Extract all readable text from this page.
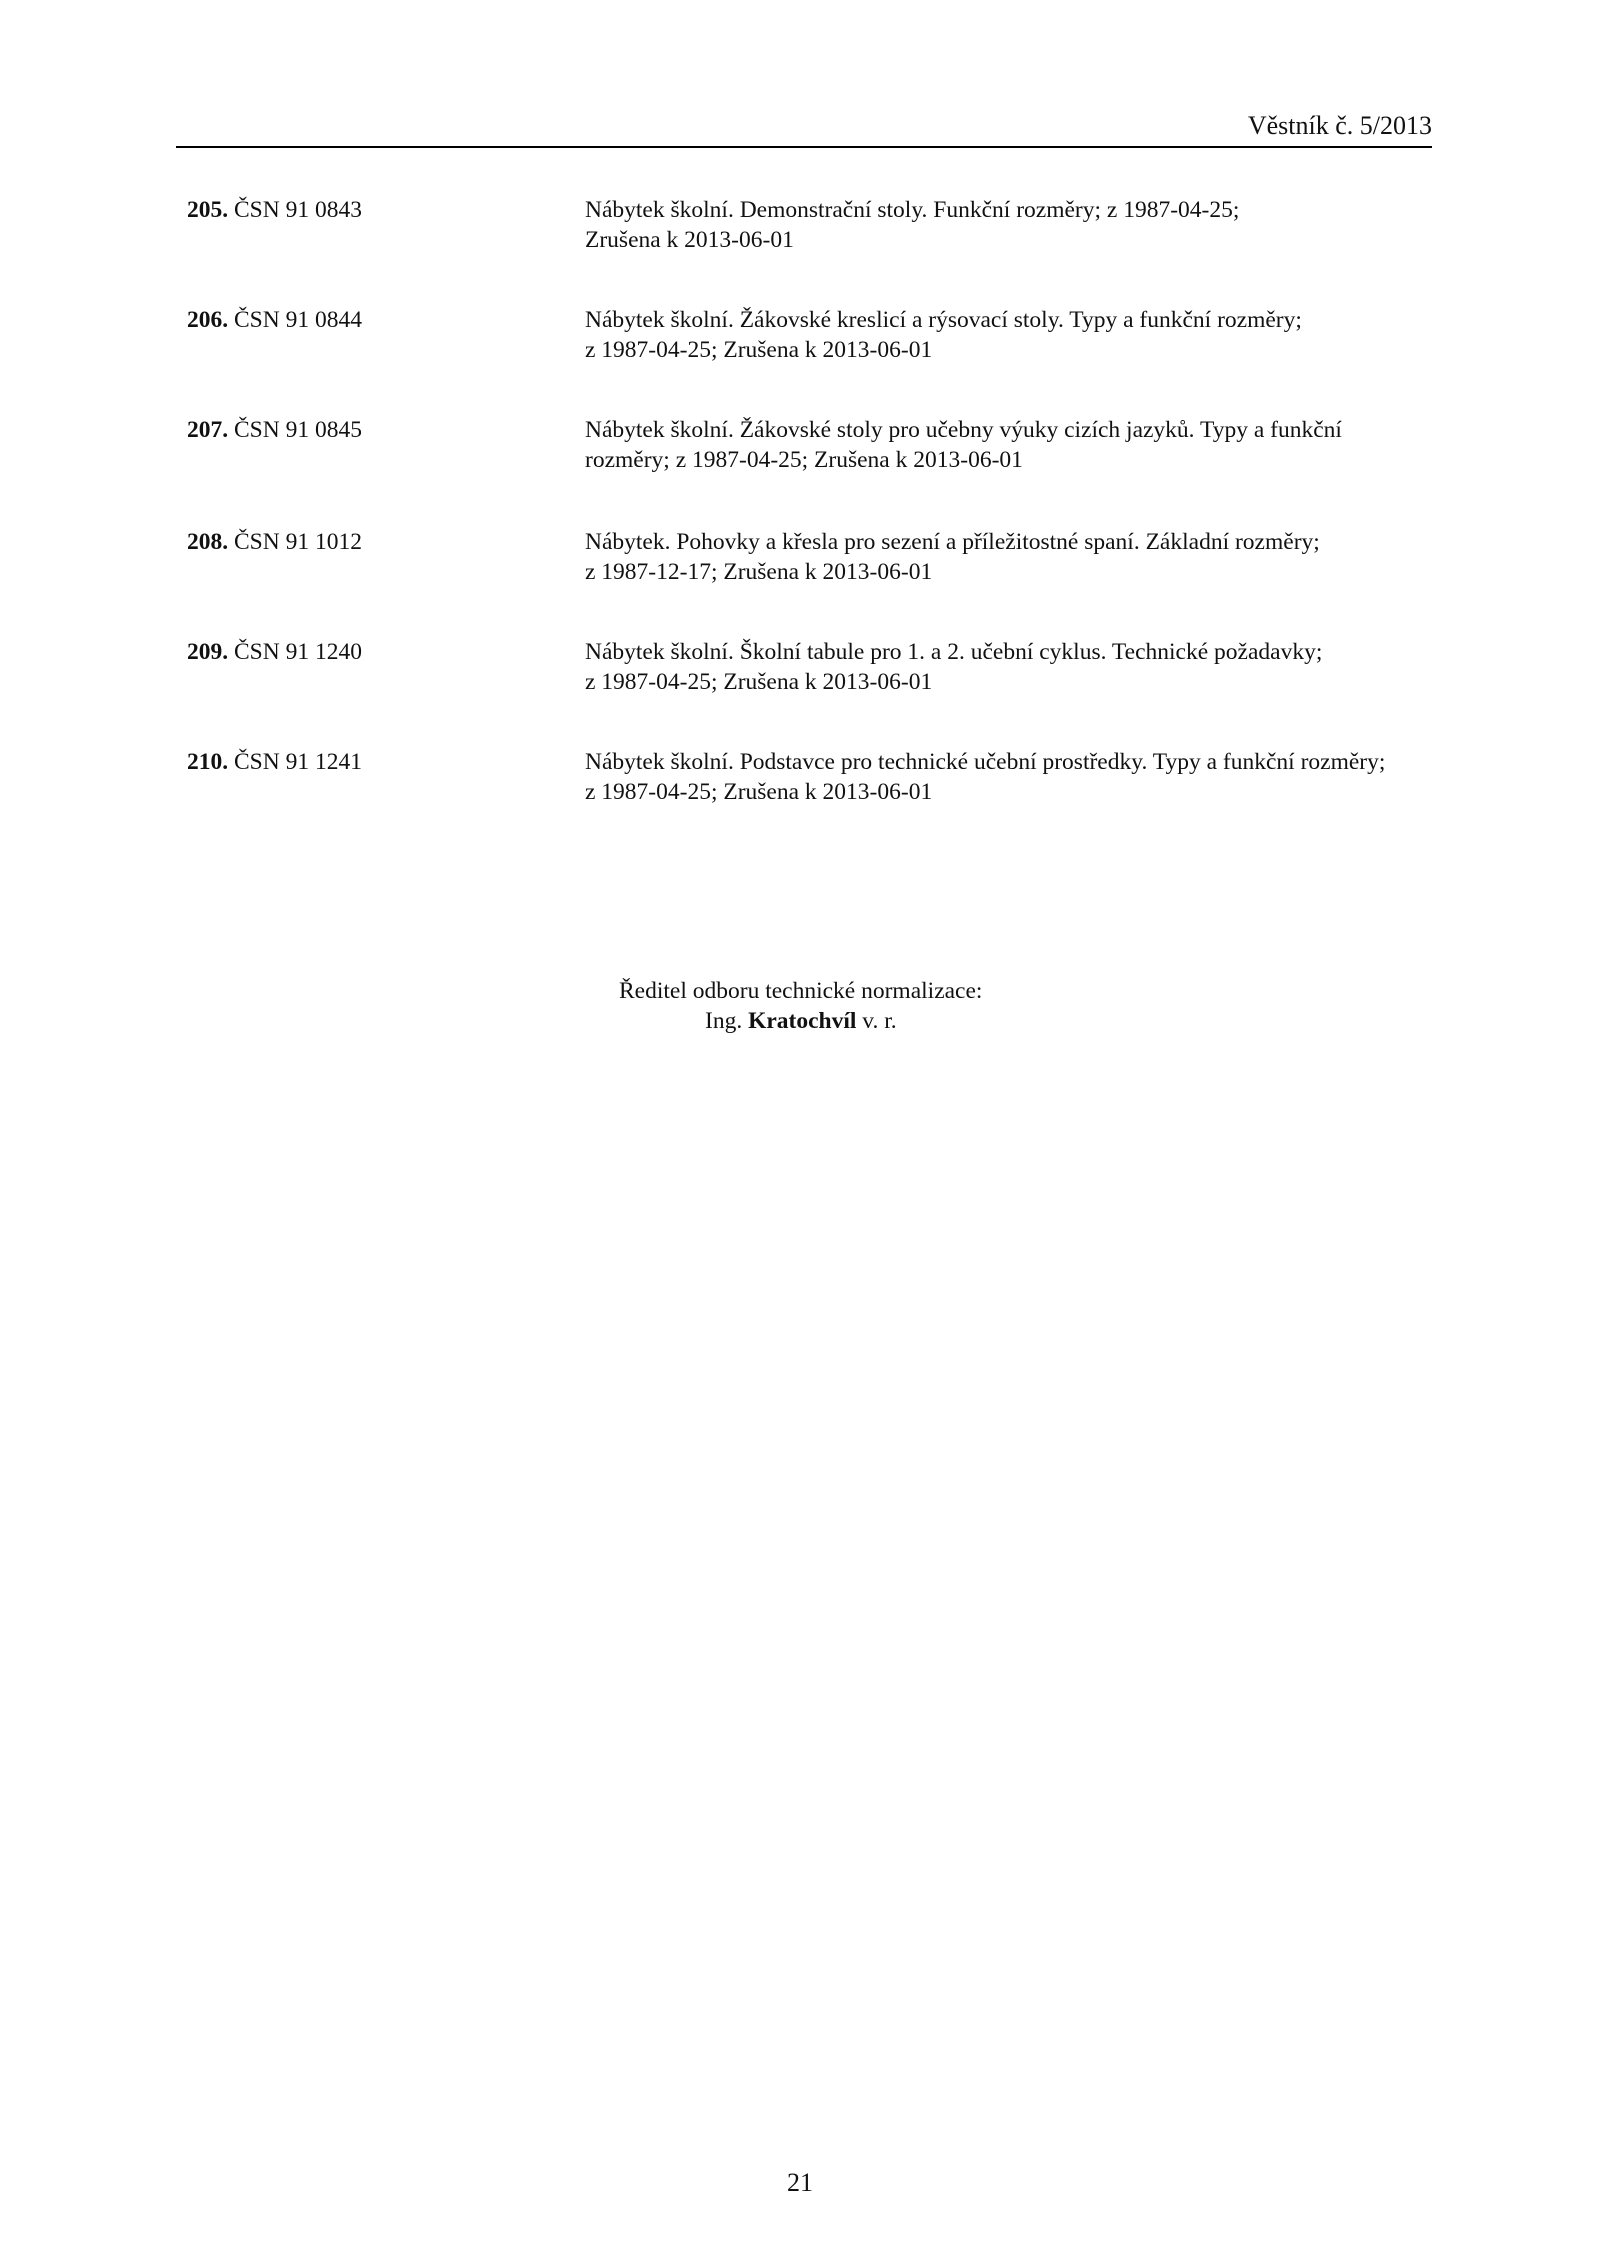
Věstník č. 5/2013
205. ČSN 91 0843	Nábytek školní. Demonstrační stoly. Funkční rozměry; z 1987-04-25;
Zrušena k 2013-06-01
206. ČSN 91 0844	Nábytek školní. Žákovské kreslicí a rýsovací stoly. Typy a funkční rozměry;
z 1987-04-25; Zrušena k 2013-06-01
207. ČSN 91 0845	Nábytek školní. Žákovské stoly pro učebny výuky cizích jazyků. Typy a funkční
rozměry; z 1987-04-25; Zrušena k 2013-06-01
208. ČSN 91 1012	Nábytek. Pohovky a křesla pro sezení a příležitostné spaní. Základní rozměry;
z 1987-12-17; Zrušena k 2013-06-01
209. ČSN 91 1240	Nábytek školní. Školní tabule pro 1. a 2. učební cyklus. Technické požadavky;
z 1987-04-25; Zrušena k 2013-06-01
210. ČSN 91 1241	Nábytek školní. Podstavce pro technické učební prostředky. Typy a funkční rozměry;
z 1987-04-25; Zrušena k 2013-06-01
Ředitel odboru technické normalizace:
Ing. Kratochvíl v. r.
21
